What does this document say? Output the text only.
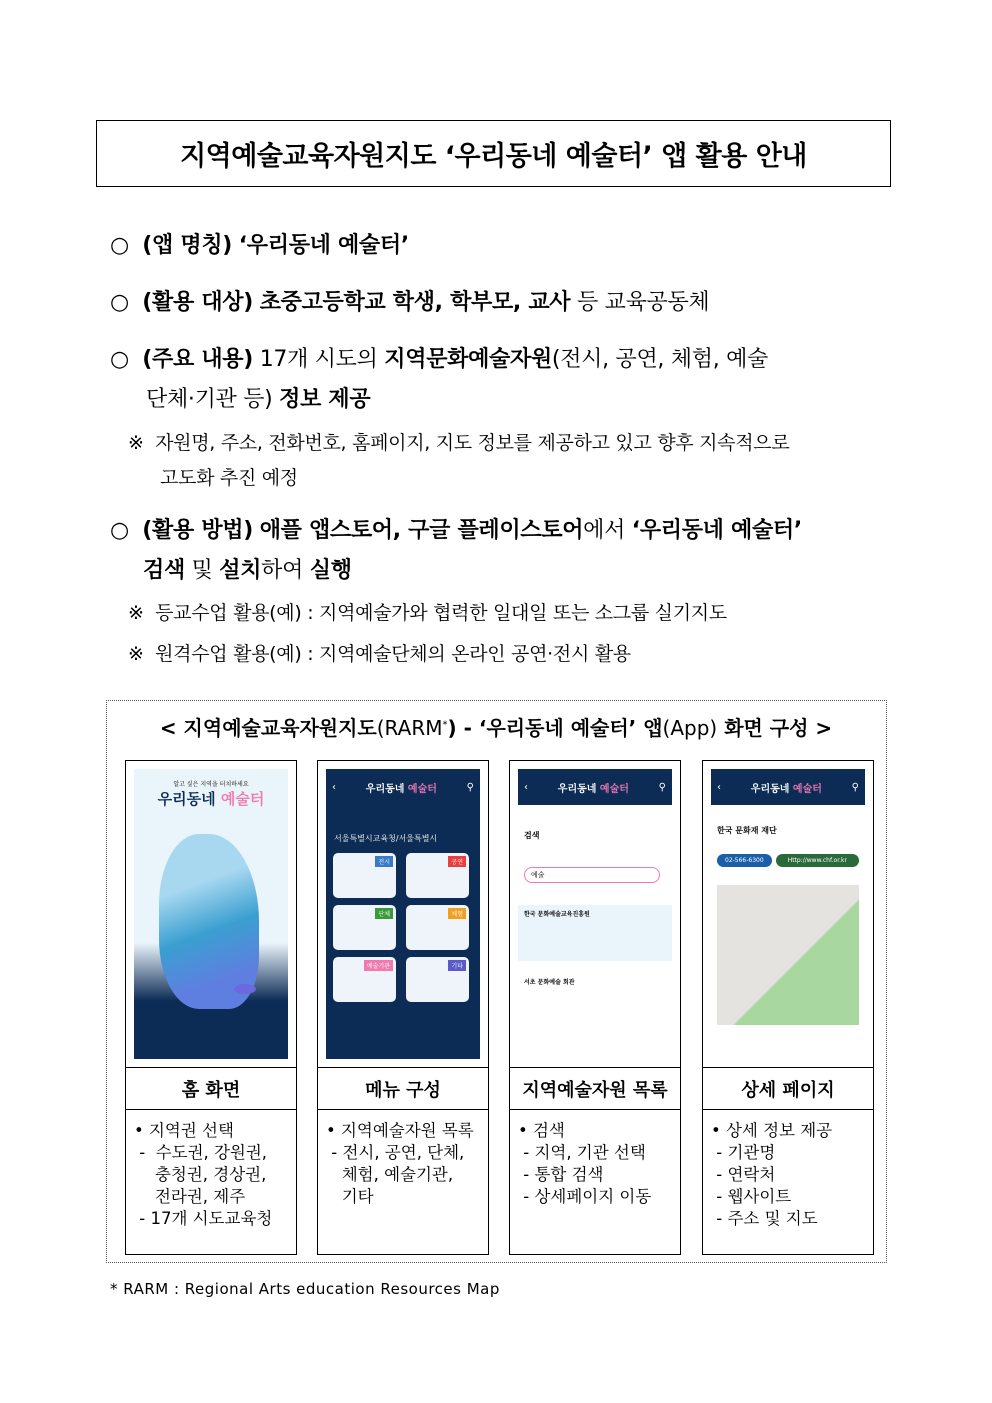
지역예술교육자원지도 ‘우리동네 예술터’ 앱 활용 안내
○ (앱 명칭) ‘우리동네 예술터’
○ (활용 대상) 초중고등학교 학생, 학부모, 교사 등 교육공동체
○ (주요 내용) 17개 시도의 지역문화예술자원(전시, 공연, 체험, 예술
단체·기관 등) 정보 제공
※ 자원명, 주소, 전화번호, 홈페이지, 지도 정보를 제공하고 있고 향후 지속적으로
고도화 추진 예정
○ (활용 방법) 애플 앱스토어, 구글 플레이스토어에서 ‘우리동네 예술터’
검색 및 설치하여 실행
※ 등교수업 활용(예) : 지역예술가와 협력한 일대일 또는 소그룹 실기지도
※ 원격수업 활용(예) : 지역예술단체의 온라인 공연·전시 활용
< 지역예술교육자원지도(RARM*) - ‘우리동네 예술터’ 앱(App) 화면 구성 >
알고 싶은 지역을 터치하세요
우리동네 예술터
홈 화면
• 지역권 선택
-  수도권, 강원권,
충청권, 경상권,
전라권, 제주
- 17개 시도교육청
‹	우리동네 예술터	⚲
서울특별시교육청/서울특별시
전시	공연
단체	체험
예술기관	기타
메뉴 구성
• 지역예술자원 목록
- 전시, 공연, 단체,
체험, 예술기관,
기타
‹	우리동네 예술터	⚲
검색
예술
한국 문화예술교육진흥원
서초 문화예술 회관
지역예술자원 목록
• 검색
- 지역, 기관 선택
- 통합 검색
- 상세페이지 이동
‹	우리동네 예술터	⚲
한국 문화재 재단
02-566-6300	Http://www.chf.or.kr
상세 페이지
• 상세 정보 제공
- 기관명
- 연락처
- 웹사이트
- 주소 및 지도
* RARM : Regional Arts education Resources Map
